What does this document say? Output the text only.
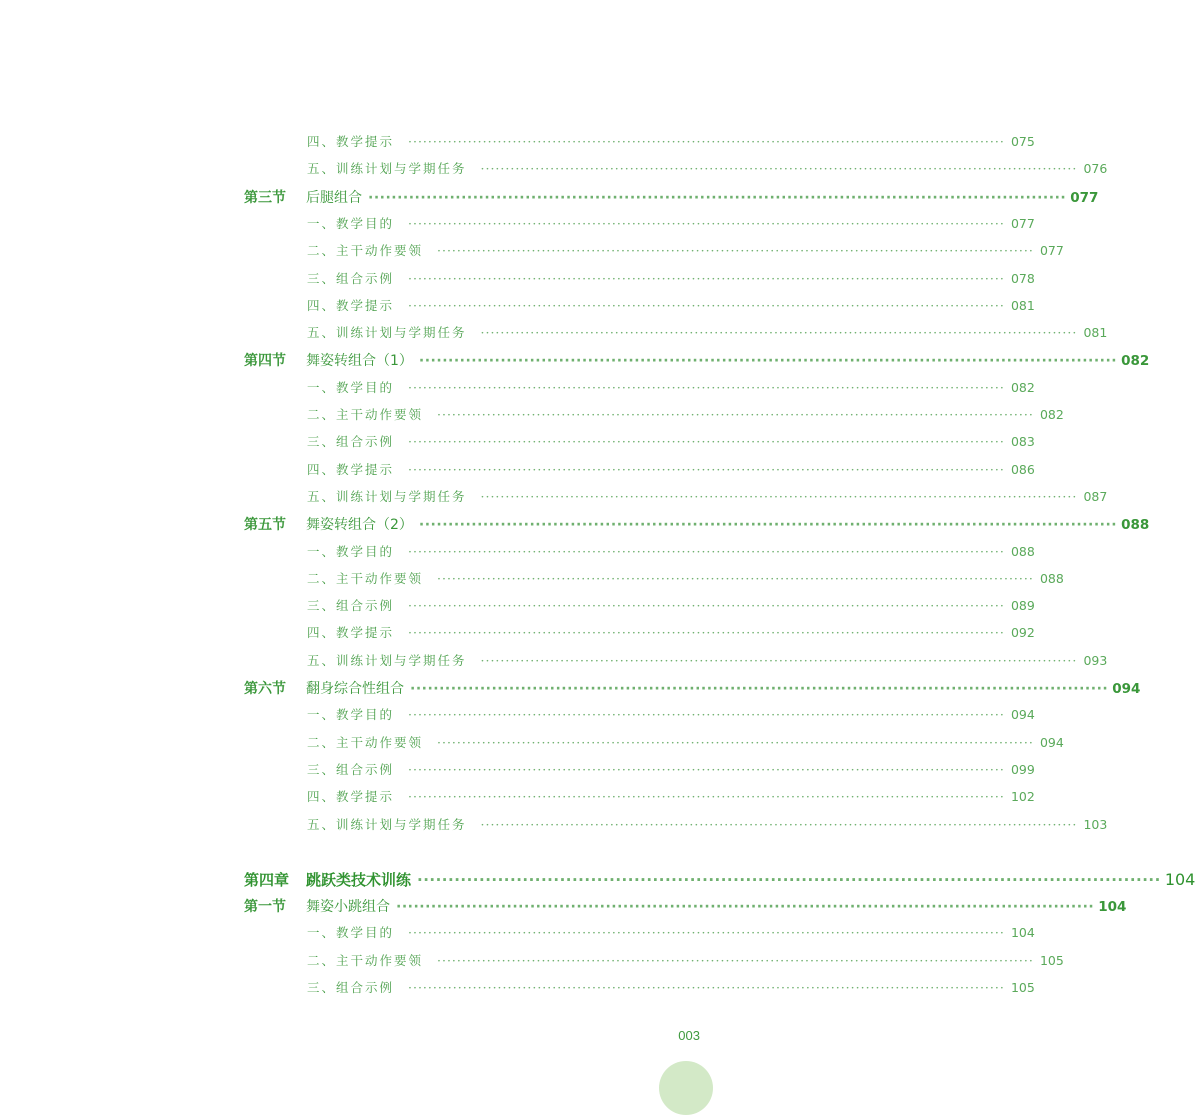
四、教学提示 ························································································································ 075
五、训练计划与学期任务 ························································································································ 076
第三节	后腿组合 ························································································································ 077
一、教学目的 ························································································································ 077
二、主干动作要领 ························································································································ 077
三、组合示例 ························································································································ 078
四、教学提示 ························································································································ 081
五、训练计划与学期任务 ························································································································ 081
第四节	舞姿转组合（1） ························································································································ 082
一、教学目的 ························································································································ 082
二、主干动作要领 ························································································································ 082
三、组合示例 ························································································································ 083
四、教学提示 ························································································································ 086
五、训练计划与学期任务 ························································································································ 087
第五节	舞姿转组合（2） ························································································································ 088
一、教学目的 ························································································································ 088
二、主干动作要领 ························································································································ 088
三、组合示例 ························································································································ 089
四、教学提示 ························································································································ 092
五、训练计划与学期任务 ························································································································ 093
第六节	翻身综合性组合 ························································································································ 094
一、教学目的 ························································································································ 094
二、主干动作要领 ························································································································ 094
三、组合示例 ························································································································ 099
四、教学提示 ························································································································ 102
五、训练计划与学期任务 ························································································································ 103
第四章	跳跃类技术训练 ························································································································ 104
第一节	舞姿小跳组合 ························································································································ 104
一、教学目的 ························································································································ 104
二、主干动作要领 ························································································································ 105
三、组合示例 ························································································································ 105
003
